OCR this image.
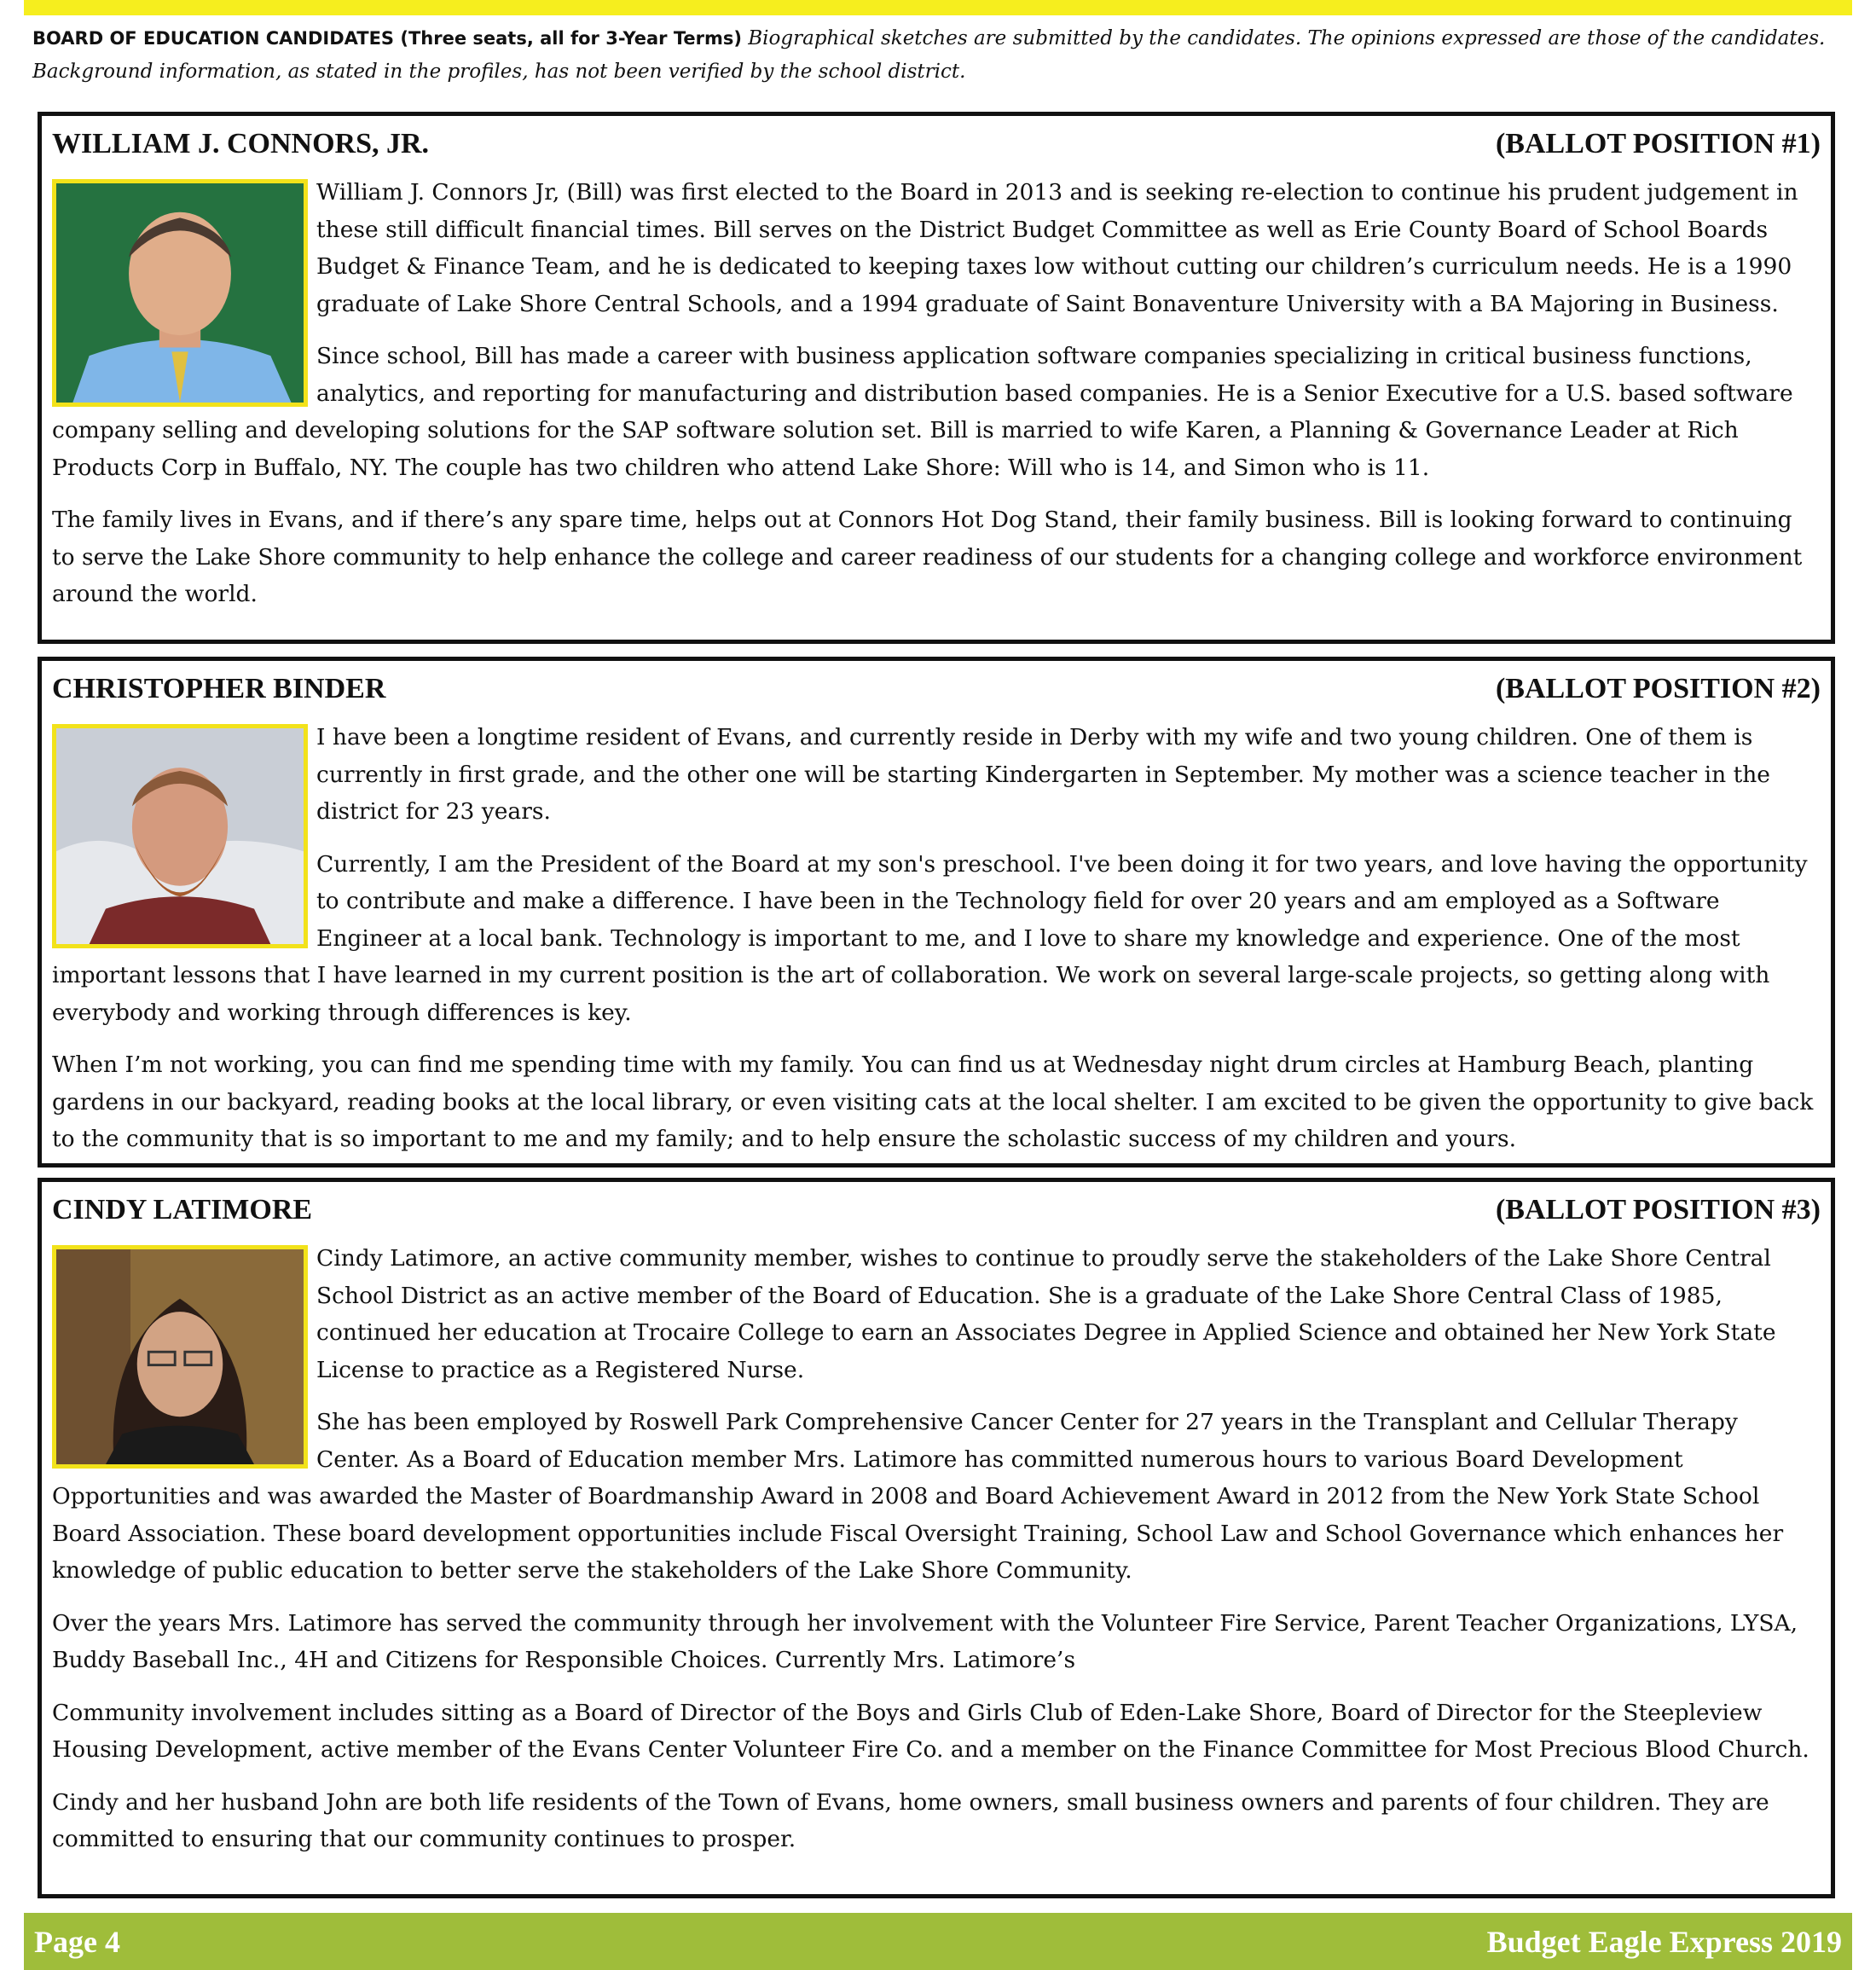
BOARD OF EDUCATION CANDIDATES (Three seats, all for 3-Year Terms) Biographical sketches are submitted by the candidates. The opinions expressed are those of the candidates. Background information, as stated in the profiles, has not been verified by the school district.
WILLIAM J. CONNORS, JR.	(BALLOT POSITION #1)

William J. Connors Jr, (Bill) was first elected to the Board in 2013 and is seeking re-election to continue his prudent judgement in these still difficult financial times. Bill serves on the District Budget Committee as well as Erie County Board of School Boards Budget & Finance Team, and he is dedicated to keeping taxes low without cutting our children’s curriculum needs. He is a 1990 graduate of Lake Shore Central Schools, and a 1994 graduate of Saint Bonaventure University with a BA Majoring in Business.

Since school, Bill has made a career with business application software companies specializing in critical business functions, analytics, and reporting for manufacturing and distribution based companies. He is a Senior Executive for a U.S. based software company selling and developing solutions for the SAP software solution set. Bill is married to wife Karen, a Planning & Governance Leader at Rich Products Corp in Buffalo, NY. The couple has two children who attend Lake Shore: Will who is 14, and Simon who is 11.

The family lives in Evans, and if there’s any spare time, helps out at Connors Hot Dog Stand, their family business. Bill is looking forward to continuing to serve the Lake Shore community to help enhance the college and career readiness of our students for a changing college and workforce environment around the world.

CHRISTOPHER BINDER	(BALLOT POSITION #2)

I have been a longtime resident of Evans, and currently reside in Derby with my wife and two young children. One of them is currently in first grade, and the other one will be starting Kindergarten in September. My mother was a science teacher in the district for 23 years.

Currently, I am the President of the Board at my son's preschool. I've been doing it for two years, and love having the opportunity to contribute and make a difference. I have been in the Technology field for over 20 years and am employed as a Software Engineer at a local bank. Technology is important to me, and I love to share my knowledge and experience. One of the most important lessons that I have learned in my current position is the art of collaboration. We work on several large-scale projects, so getting along with everybody and working through differences is key.

When I’m not working, you can find me spending time with my family. You can find us at Wednesday night drum circles at Hamburg Beach, planting gardens in our backyard, reading books at the local library, or even visiting cats at the local shelter. I am excited to be given the opportunity to give back to the community that is so important to me and my family; and to help ensure the scholastic success of my children and yours.

CINDY LATIMORE	(BALLOT POSITION #3)

Cindy Latimore, an active community member, wishes to continue to proudly serve the stakeholders of the Lake Shore Central School District as an active member of the Board of Education. She is a graduate of the Lake Shore Central Class of 1985, continued her education at Trocaire College to earn an Associates Degree in Applied Science and obtained her New York State License to practice as a Registered Nurse.

She has been employed by Roswell Park Comprehensive Cancer Center for 27 years in the Transplant and Cellular Therapy Center. As a Board of Education member Mrs. Latimore has committed numerous hours to various Board Development Opportunities and was awarded the Master of Boardmanship Award in 2008 and Board Achievement Award in 2012 from the New York State School Board Association. These board development opportunities include Fiscal Oversight Training, School Law and School Governance which enhances her knowledge of public education to better serve the stakeholders of the Lake Shore Community.

Over the years Mrs. Latimore has served the community through her involvement with the Volunteer Fire Service, Parent Teacher Organizations, LYSA, Buddy Baseball Inc., 4H and Citizens for Responsible Choices. Currently Mrs. Latimore’s

Community involvement includes sitting as a Board of Director of the Boys and Girls Club of Eden-Lake Shore, Board of Director for the Steepleview Housing Development, active member of the Evans Center Volunteer Fire Co. and a member on the Finance Committee for Most Precious Blood Church.

Cindy and her husband John are both life residents of the Town of Evans, home owners, small business owners and parents of four children. They are committed to ensuring that our community continues to prosper.

Page 4	Budget Eagle Express 2019
